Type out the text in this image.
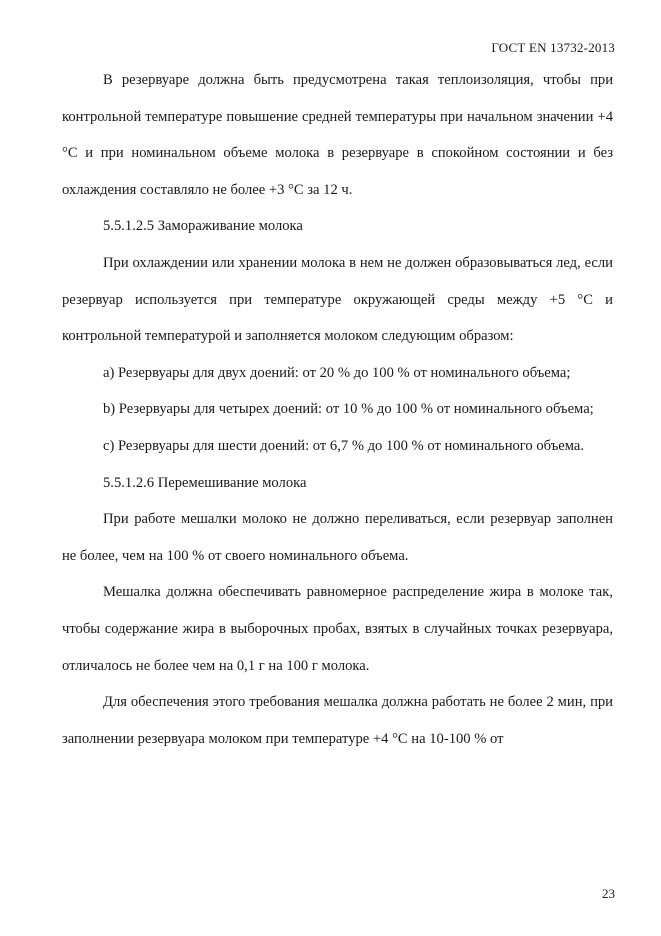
ГОСТ EN 13732-2013

В резервуаре должна быть предусмотрена такая теплоизоляция, чтобы при контрольной температуре повышение средней температуры при начальном значении +4 °С и при номинальном объеме молока в резервуаре в спокойном состоянии и без охлаждения составляло не более +3 °С за 12 ч.

5.5.1.2.5 Замораживание молока

При охлаждении или хранении молока в нем не должен образовываться лед, если резервуар используется при температуре окружающей среды между +5 °С и контрольной температурой и заполняется молоком следующим образом:

a) Резервуары для двух доений: от 20 % до 100 % от номинального объема;

b) Резервуары для четырех доений: от 10 % до 100 % от номинального объема;

c) Резервуары для шести доений: от 6,7 % до 100 % от номинального объема.

5.5.1.2.6 Перемешивание молока

При работе мешалки молоко не должно переливаться, если резервуар заполнен не более, чем на 100 % от своего номинального объема.

Мешалка должна обеспечивать равномерное распределение жира в молоке так, чтобы содержание жира в выборочных пробах, взятых в случайных точках резервуара, отличалось не более чем на 0,1 г на 100 г молока.

Для обеспечения этого требования мешалка должна работать не более 2 мин, при заполнении резервуара молоком при температуре +4 °С на 10-100 % от

23
